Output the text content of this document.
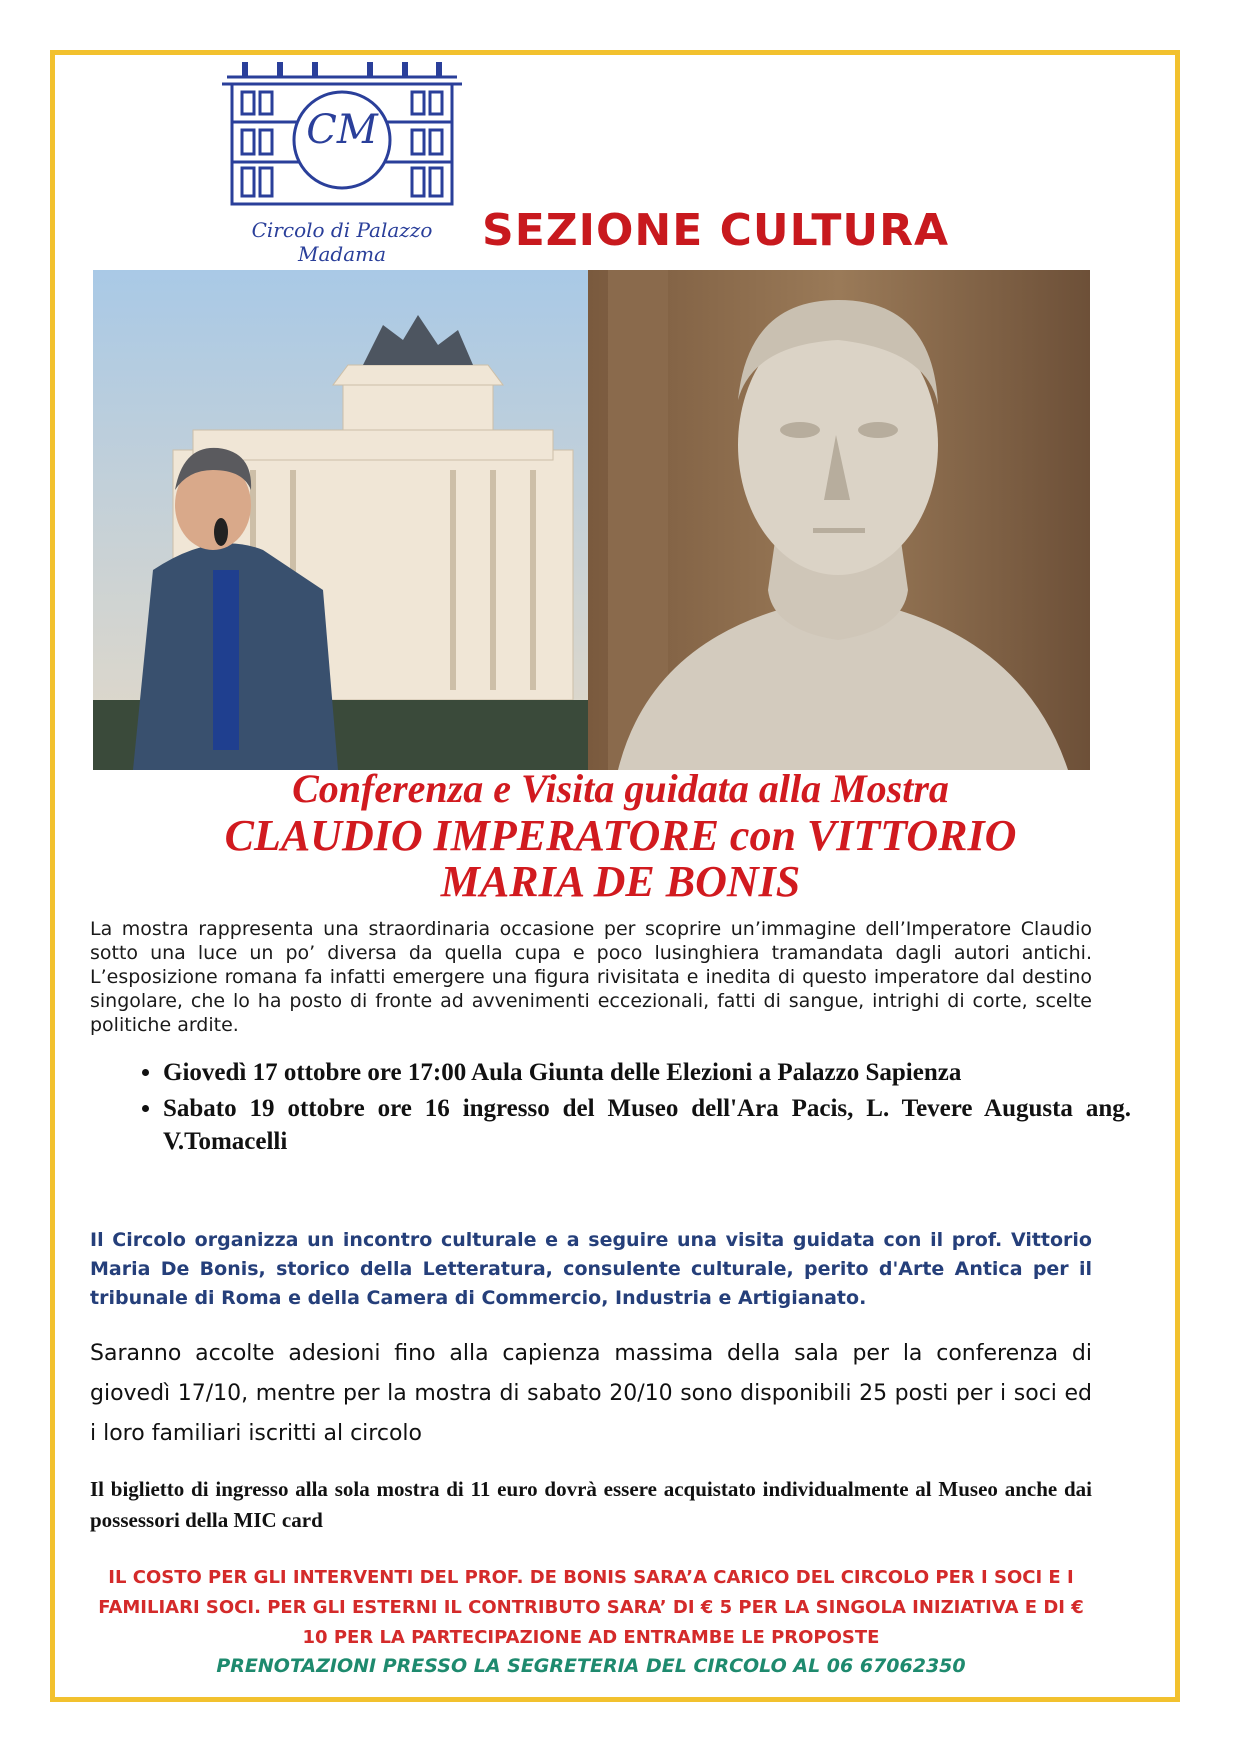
CM
Circolo di Palazzo Madama	SEZIONE CULTURA
Conferenza e Visita guidata alla Mostra
CLAUDIO IMPERATORE con VITTORIO
MARIA DE BONIS
La mostra rappresenta una straordinaria occasione per scoprire un’immagine dell’Imperatore Claudio sotto una luce un po’ diversa da quella cupa e poco lusinghiera tramandata dagli autori antichi. L’esposizione romana fa infatti emergere una figura rivisitata e inedita di questo imperatore dal destino singolare, che lo ha posto di fronte ad avvenimenti eccezionali, fatti di sangue, intrighi di corte, scelte politiche ardite.
• Giovedì 17 ottobre ore 17:00 Aula Giunta delle Elezioni a Palazzo Sapienza
• Sabato 19 ottobre ore 16 ingresso del Museo dell'Ara Pacis, L. Tevere Augusta ang. V.Tomacelli
Il Circolo organizza un incontro culturale e a seguire una visita guidata con il prof. Vittorio Maria De Bonis, storico della Letteratura, consulente culturale, perito d'Arte Antica per il tribunale di Roma e della Camera di Commercio, Industria e Artigianato.
Saranno accolte adesioni fino alla capienza massima della sala per la conferenza di giovedì 17/10, mentre per la mostra di sabato 20/10 sono disponibili 25 posti per i soci ed i loro familiari iscritti al circolo
Il biglietto di ingresso alla sola mostra di 11 euro dovrà essere acquistato individualmente al Museo anche dai possessori della MIC card
IL COSTO PER GLI INTERVENTI DEL PROF. DE BONIS SARA’A CARICO DEL CIRCOLO PER I SOCI E I
FAMILIARI SOCI. PER GLI ESTERNI IL CONTRIBUTO SARA’ DI € 5 PER LA SINGOLA INIZIATIVA E DI €
10 PER LA PARTECIPAZIONE AD ENTRAMBE LE PROPOSTE
PRENOTAZIONI PRESSO LA SEGRETERIA DEL CIRCOLO AL 06 67062350
